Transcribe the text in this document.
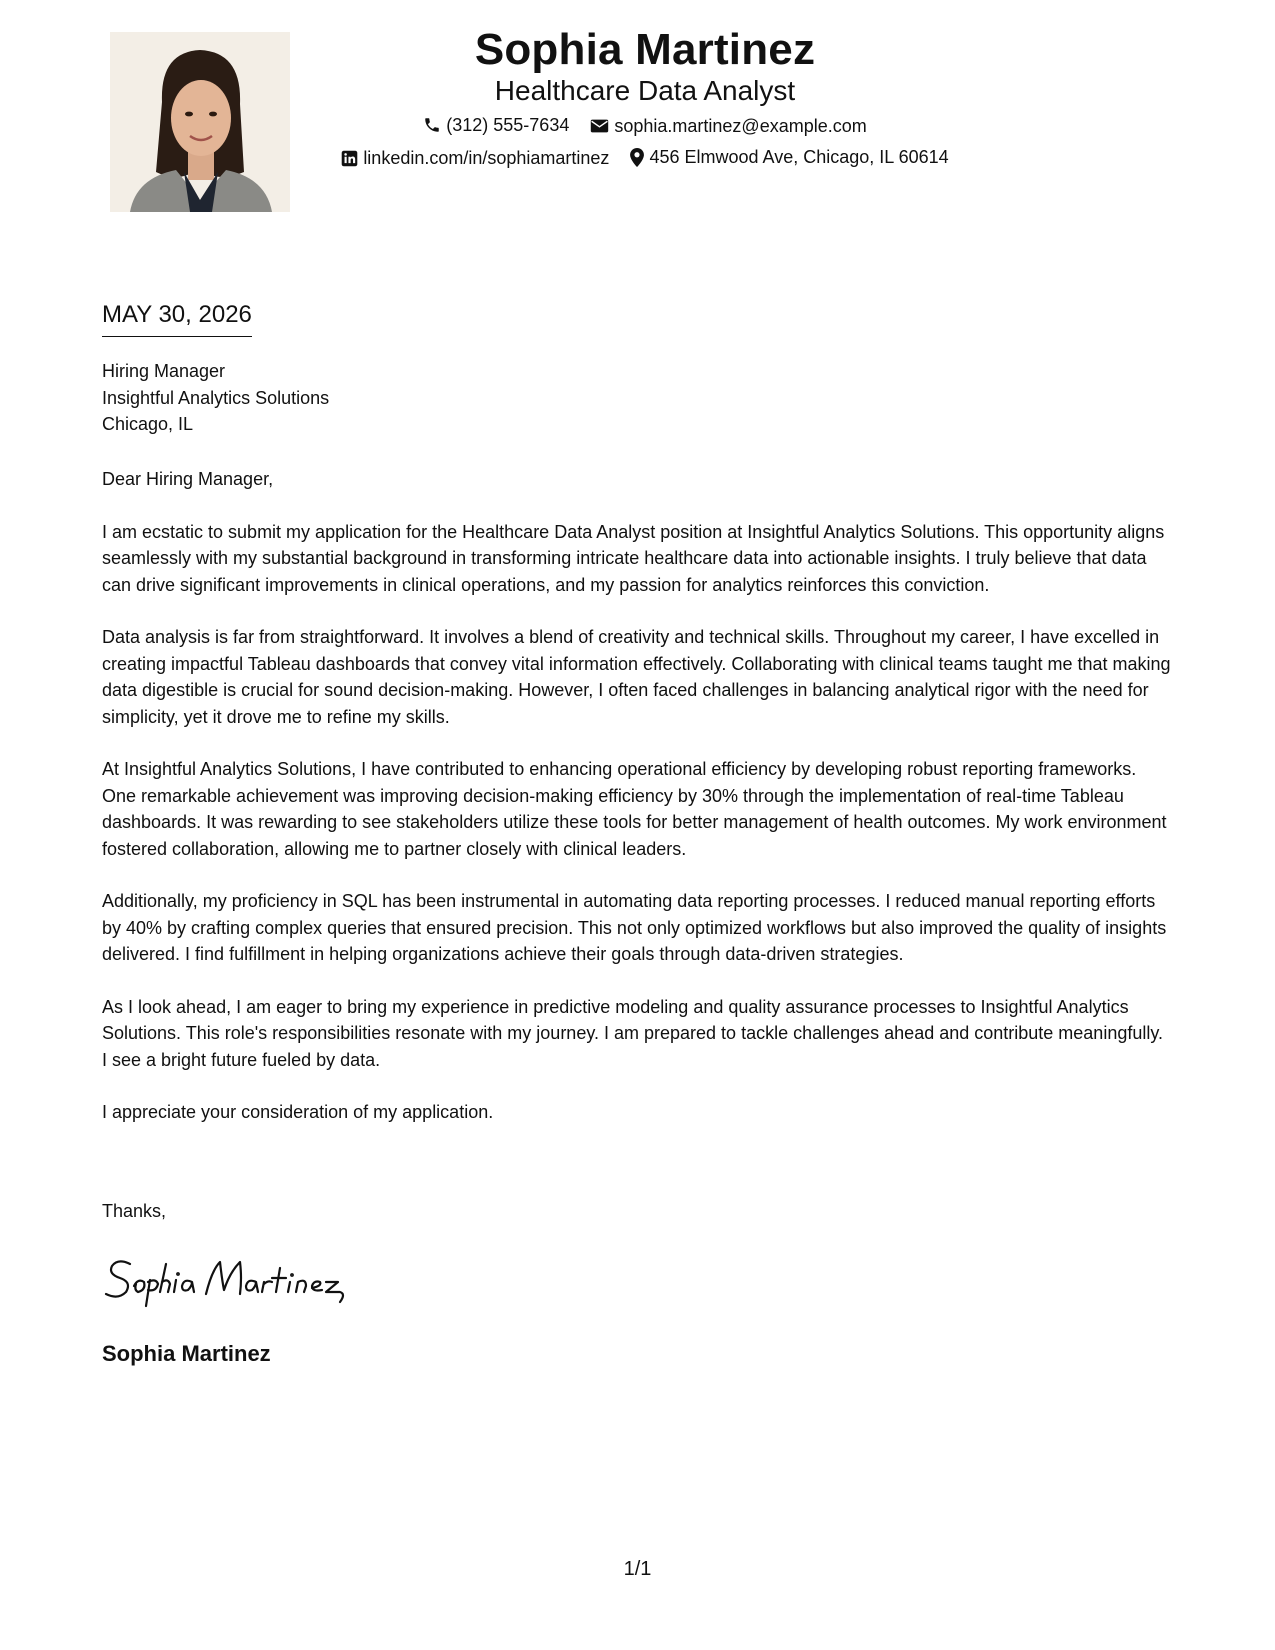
Sophia Martinez
Healthcare Data Analyst
(312) 555-7634
	sophia.martinez@example.com
linkedin.com/in/sophiamartinez
456 Elmwood Ave, Chicago, IL 60614
MAY 30, 2026
Hiring Manager
Insightful Analytics Solutions
Chicago, IL

Dear Hiring Manager,

I am ecstatic to submit my application for the Healthcare Data Analyst position at Insightful Analytics Solutions. This opportunity aligns seamlessly with my substantial background in transforming intricate healthcare data into actionable insights. I truly believe that data can drive significant improvements in clinical operations, and my passion for analytics reinforces this conviction.

Data analysis is far from straightforward. It involves a blend of creativity and technical skills. Throughout my career, I have excelled in creating impactful Tableau dashboards that convey vital information effectively. Collaborating with clinical teams taught me that making data digestible is crucial for sound decision-making. However, I often faced challenges in balancing analytical rigor with the need for simplicity, yet it drove me to refine my skills.

At Insightful Analytics Solutions, I have contributed to enhancing operational efficiency by developing robust reporting frameworks. One remarkable achievement was improving decision-making efficiency by 30% through the implementation of real-time Tableau dashboards. It was rewarding to see stakeholders utilize these tools for better management of health outcomes. My work environment fostered collaboration, allowing me to partner closely with clinical leaders.

Additionally, my proficiency in SQL has been instrumental in automating data reporting processes. I reduced manual reporting efforts by 40% by crafting complex queries that ensured precision. This not only optimized workflows but also improved the quality of insights delivered. I find fulfillment in helping organizations achieve their goals through data-driven strategies.

As I look ahead, I am eager to bring my experience in predictive modeling and quality assurance processes to Insightful Analytics Solutions. This role's responsibilities resonate with my journey. I am prepared to tackle challenges ahead and contribute meaningfully. I see a bright future fueled by data.

I appreciate your consideration of my application.

Thanks,
Sophia Martinez
1/1
